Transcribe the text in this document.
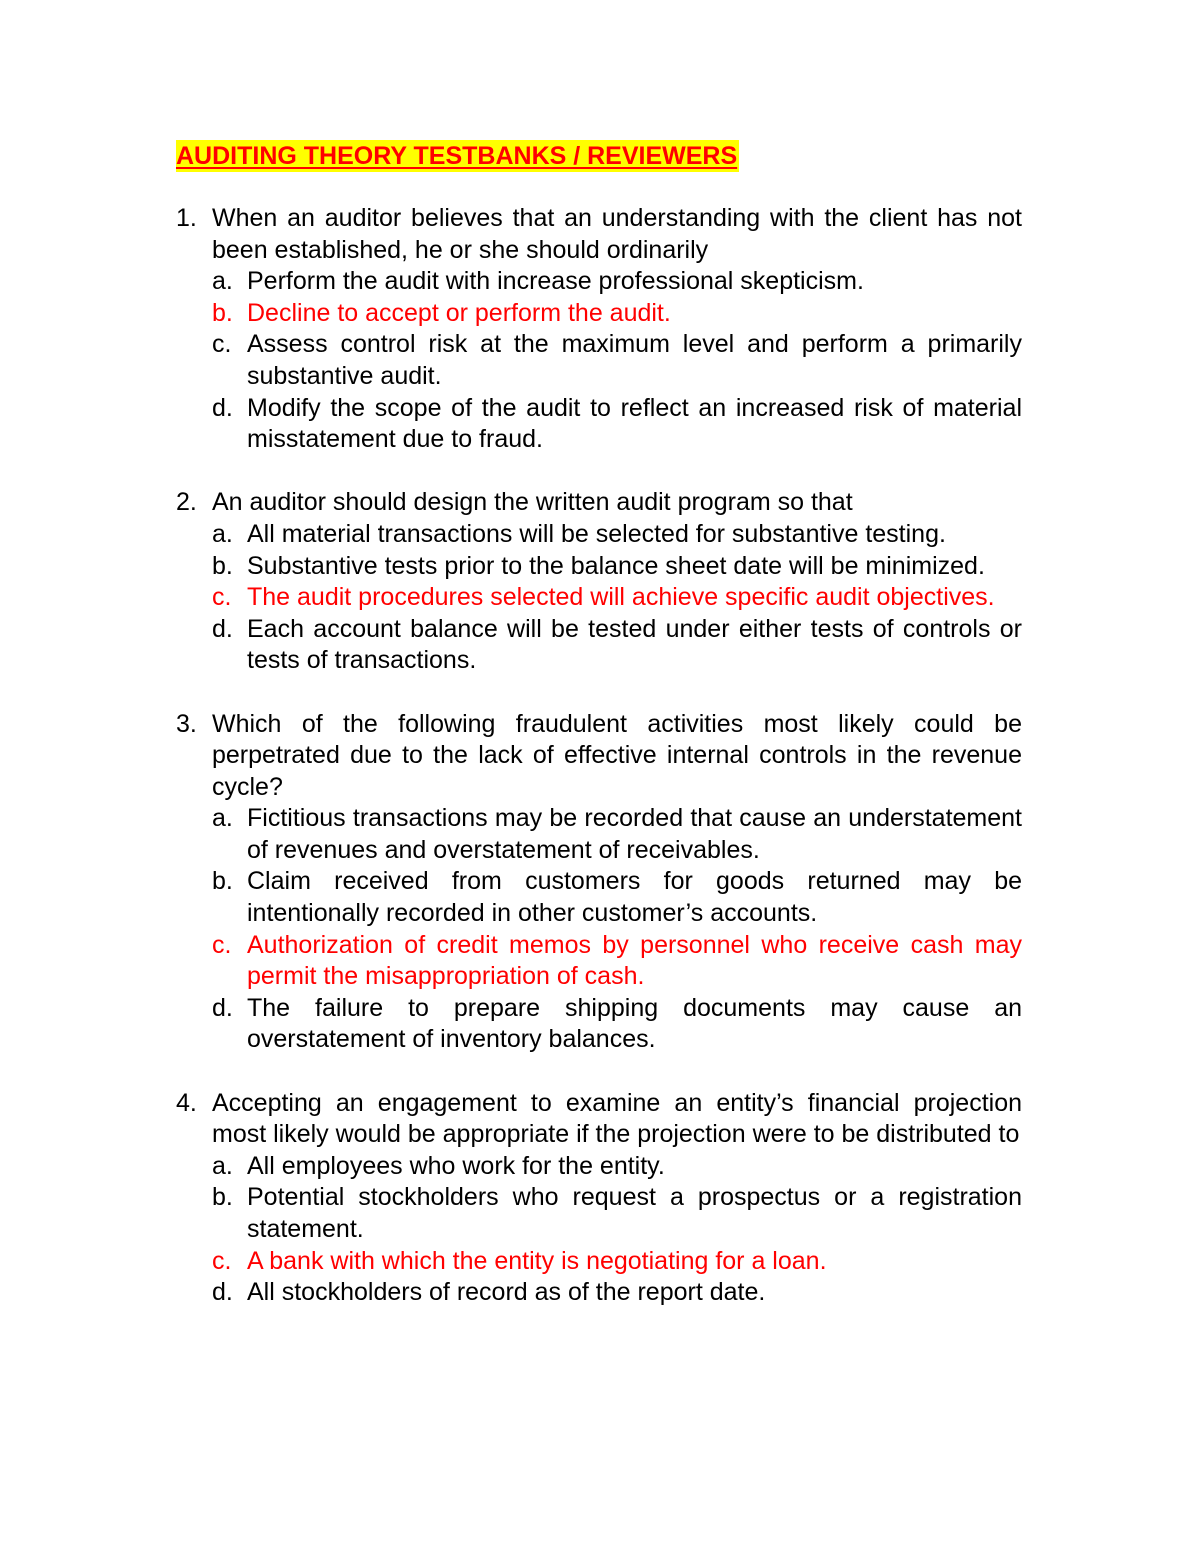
AUDITING THEORY TESTBANKS / REVIEWERS
1. When an auditor believes that an understanding with the client has not been established, he or she should ordinarily
a. Perform the audit with increase professional skepticism.
b. Decline to accept or perform the audit.
c. Assess control risk at the maximum level and perform a primarily substantive audit.
d. Modify the scope of the audit to reflect an increased risk of material misstatement due to fraud.
2. An auditor should design the written audit program so that
a. All material transactions will be selected for substantive testing.
b. Substantive tests prior to the balance sheet date will be minimized.
c. The audit procedures selected will achieve specific audit objectives.
d. Each account balance will be tested under either tests of controls or tests of transactions.
3. Which of the following fraudulent activities most likely could be perpetrated due to the lack of effective internal controls in the revenue cycle?
a. Fictitious transactions may be recorded that cause an understatement of revenues and overstatement of receivables.
b. Claim received from customers for goods returned may be intentionally recorded in other customer’s accounts.
c. Authorization of credit memos by personnel who receive cash may permit the misappropriation of cash.
d. The failure to prepare shipping documents may cause an overstatement of inventory balances.
4. Accepting an engagement to examine an entity’s financial projection most likely would be appropriate if the projection were to be distributed to
a. All employees who work for the entity.
b. Potential stockholders who request a prospectus or a registration statement.
c. A bank with which the entity is negotiating for a loan.
d. All stockholders of record as of the report date.
